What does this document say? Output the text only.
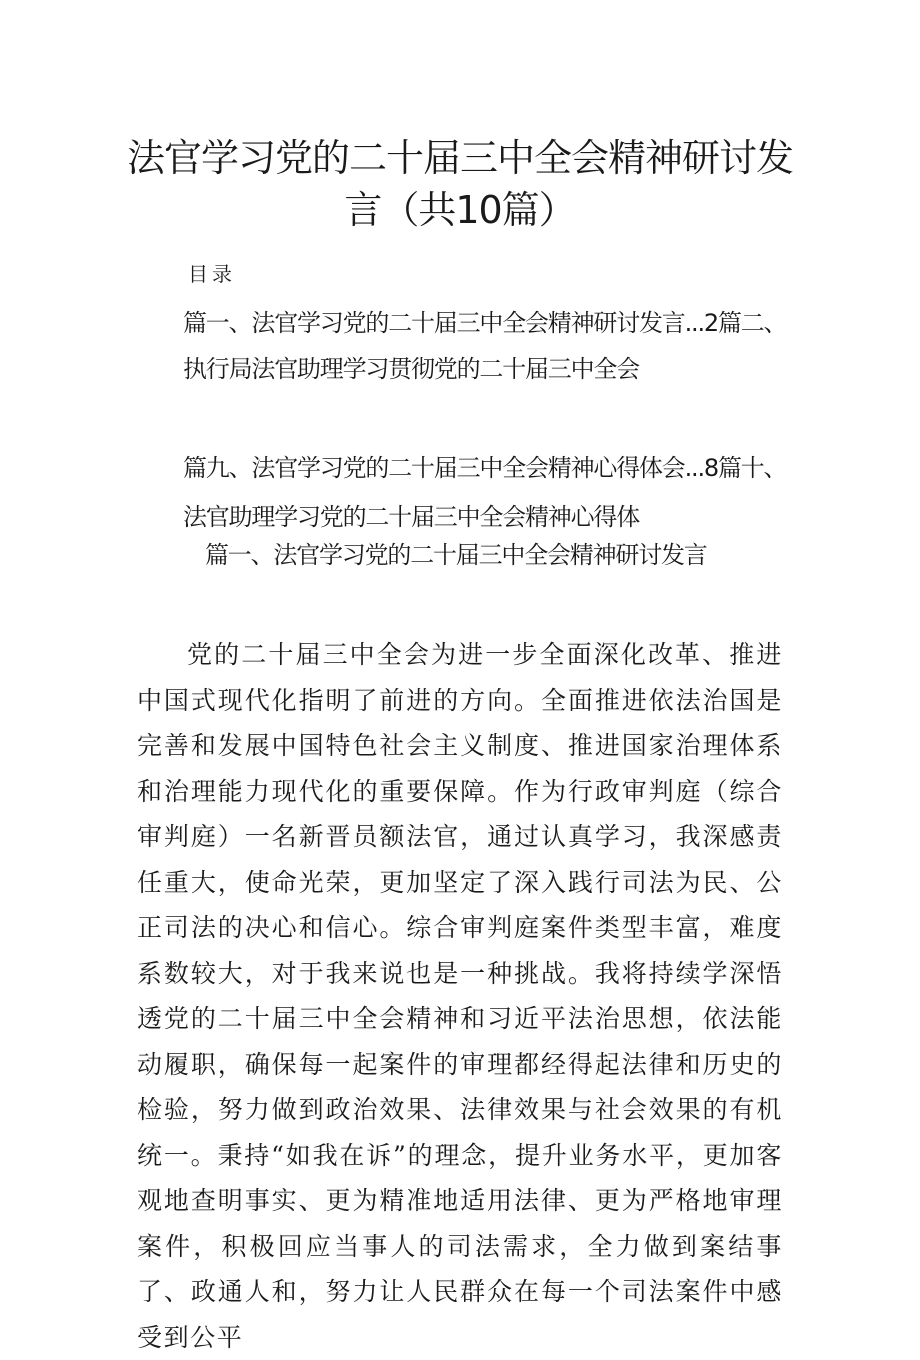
法官学习党的二十届三中全会精神研讨发
言（共10篇）
目录
篇一、法官学习党的二十届三中全会精神研讨发言...2篇二、
执行局法官助理学习贯彻党的二十届三中全会
篇九、法官学习党的二十届三中全会精神心得体会...8篇十、
法官助理学习党的二十届三中全会精神心得体
篇一、法官学习党的二十届三中全会精神研讨发言

党的二十届三中全会为进一步全面深化改革、推进中国式现代化指明了前进的方向。全面推进依法治国是完善和发展中国特色社会主义制度、推进国家治理体系和治理能力现代化的重要保障。作为行政审判庭（综合审判庭）一名新晋员额法官，通过认真学习，我深感责任重大，使命光荣，更加坚定了深入践行司法为民、公正司法的决心和信心。综合审判庭案件类型丰富，难度系数较大，对于我来说也是一种挑战。我将持续学深悟透党的二十届三中全会精神和习近平法治思想，依法能动履职，确保每一起案件的审理都经得起法律和历史的检验，努力做到政治效果、法律效果与社会效果的有机统一。秉持“如我在诉”的理念，提升业务水平，更加客观地查明事实、更为精准地适用法律、更为严格地审理案件，积极回应当事人的司法需求，全力做到案结事了、政通人和，努力让人民群众在每一个司法案件中感受到公平
